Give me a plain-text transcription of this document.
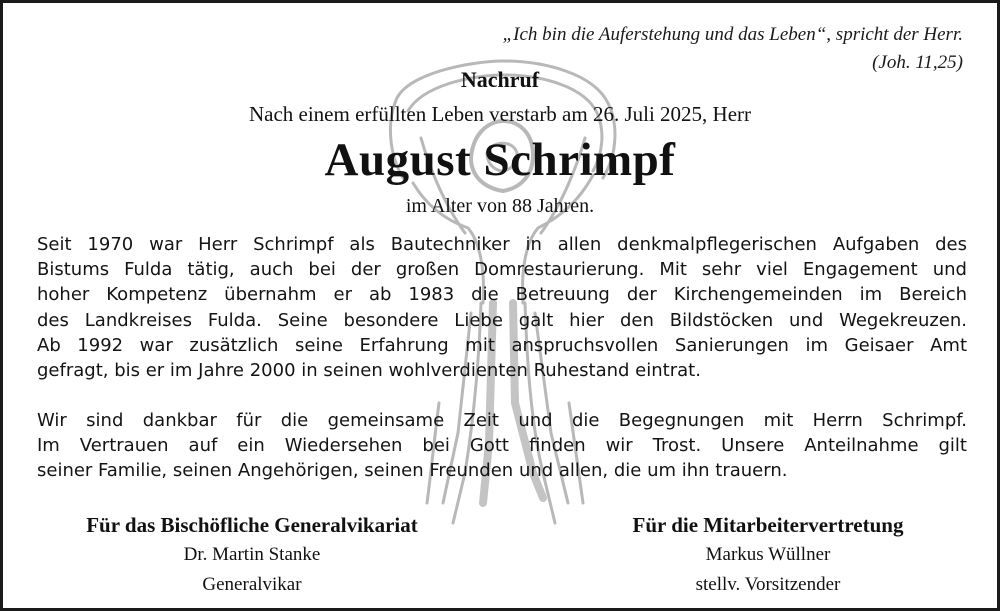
„Ich bin die Auferstehung und das Leben“, spricht der Herr.
(Joh. 11,25)
Nachruf
Nach einem erfüllten Leben verstarb am 26. Juli 2025, Herr
August Schrimpf
im Alter von 88 Jahren.
Seit 1970 war Herr Schrimpf als Bautechniker in allen denkmalpflegerischen Aufgaben des
Bistums Fulda tätig, auch bei der großen Domrestaurierung. Mit sehr viel Engagement und
hoher Kompetenz übernahm er ab 1983 die Betreuung der Kirchengemeinden im Bereich
des Landkreises Fulda. Seine besondere Liebe galt hier den Bildstöcken und Wegekreuzen.
Ab 1992 war zusätzlich seine Erfahrung mit anspruchsvollen Sanierungen im Geisaer Amt
gefragt, bis er im Jahre 2000 in seinen wohlverdienten Ruhestand eintrat.
Wir sind dankbar für die gemeinsame Zeit und die Begegnungen mit Herrn Schrimpf.
Im Vertrauen auf ein Wiedersehen bei Gott finden wir Trost. Unsere Anteilnahme gilt
seiner Familie, seinen Angehörigen, seinen Freunden und allen, die um ihn trauern.
Für das Bischöfliche Generalvikariat
Dr. Martin Stanke
Generalvikar
Für die Mitarbeitervertretung
Markus Wüllner
stellv. Vorsitzender
